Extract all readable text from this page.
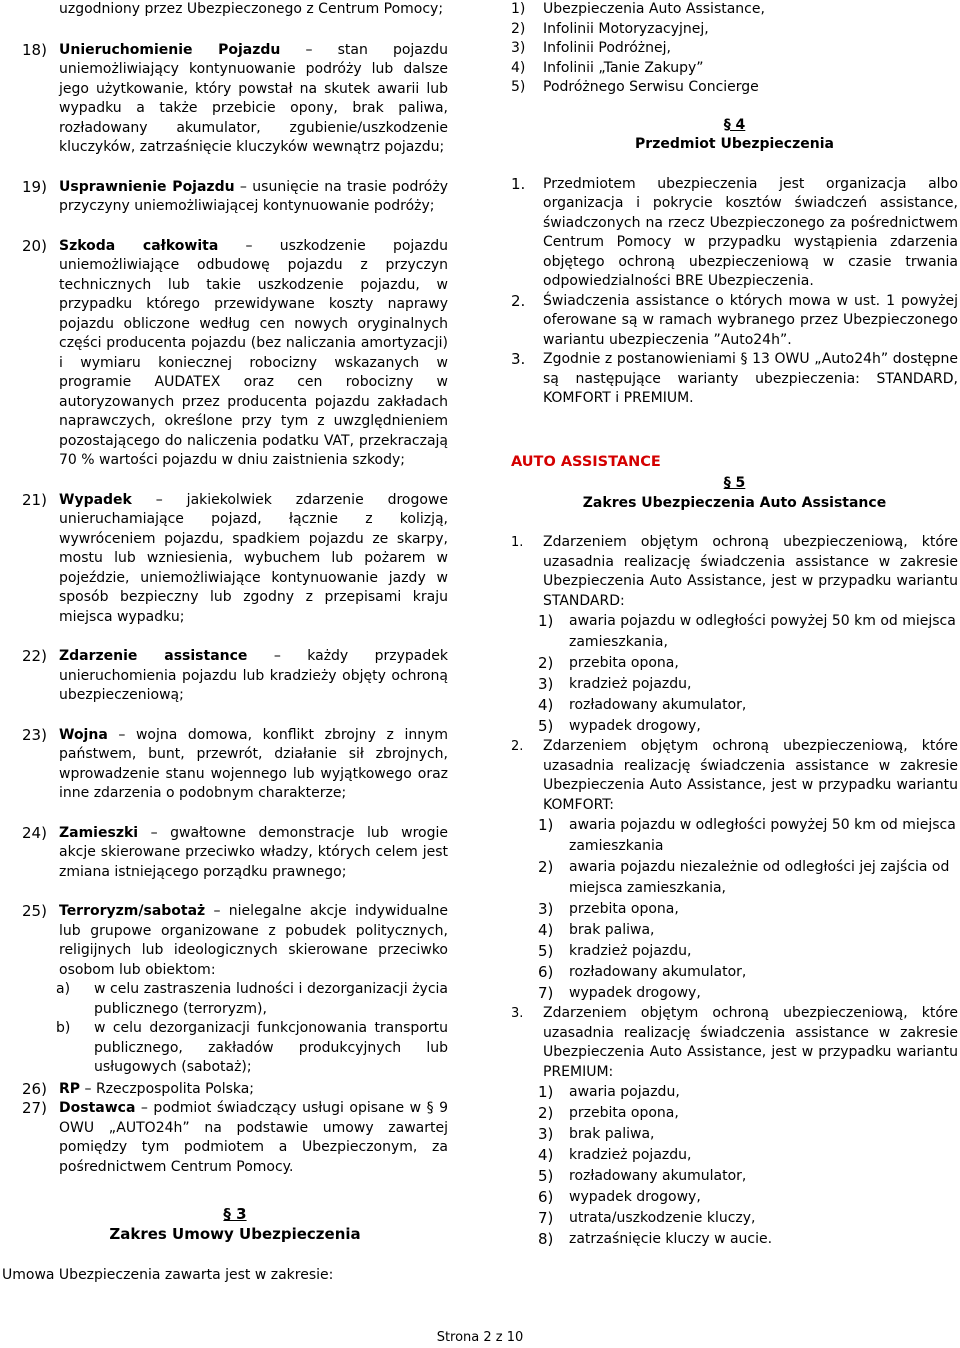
uzgodniony przez Ubezpieczonego z Centrum Pomocy;

18) Unieruchomienie Pojazdu – stan pojazdu uniemożliwiający kontynuowanie podróży lub dalsze jego użytkowanie, który powstał na skutek awarii lub wypadku a także przebicie opony, brak paliwa, rozładowany akumulator, zgubienie/uszkodzenie kluczyków, zatrzaśnięcie kluczyków wewnątrz pojazdu;
19) Usprawnienie Pojazdu – usunięcie na trasie podróży przyczyny uniemożliwiającej kontynuowanie podróży;
20) Szkoda całkowita – uszkodzenie pojazdu uniemożliwiające odbudowę pojazdu z przyczyn technicznych lub takie uszkodzenie pojazdu, w przypadku którego przewidywane koszty naprawy pojazdu obliczone według cen nowych oryginalnych części producenta pojazdu (bez naliczania amortyzacji) i wymiaru koniecznej robocizny wskazanych w programie AUDATEX oraz cen robocizny w autoryzowanych przez producenta pojazdu zakładach naprawczych, określone przy tym z uwzględnieniem pozostającego do naliczenia podatku VAT, przekraczają 70 % wartości pojazdu w dniu zaistnienia szkody;
21) Wypadek – jakiekolwiek zdarzenie drogowe unieruchamiające pojazd, łącznie z kolizją, wywróceniem pojazdu, spadkiem pojazdu ze skarpy, mostu lub wzniesienia, wybuchem lub pożarem w pojeździe, uniemożliwiające kontynuowanie jazdy w sposób bezpieczny lub zgodny z przepisami kraju miejsca wypadku;
22) Zdarzenie assistance – każdy przypadek unieruchomienia pojazdu lub kradzieży objęty ochroną ubezpieczeniową;
23) Wojna – wojna domowa, konflikt zbrojny z innym państwem, bunt, przewrót, działanie sił zbrojnych, wprowadzenie stanu wojennego lub wyjątkowego oraz inne zdarzenia o podobnym charakterze;
24) Zamieszki – gwałtowne demonstracje lub wrogie akcje skierowane przeciwko władzy, których celem jest zmiana istniejącego porządku prawnego;
25) Terroryzm/sabotaż – nielegalne akcje indywidualne lub grupowe organizowane z pobudek politycznych, religijnych lub ideologicznych skierowane przeciwko osobom lub obiektom:
a)	w celu zastraszenia ludności i dezorganizacji życia publicznego (terroryzm),
b)	w celu dezorganizacji funkcjonowania transportu publicznego, zakładów produkcyjnych lub usługowych (sabotaż);
26) RP – Rzeczpospolita Polska;
27) Dostawca – podmiot świadczący usługi opisane w § 9 OWU „AUTO24h” na podstawie umowy zawartej pomiędzy tym podmiotem a Ubezpieczonym, za pośrednictwem Centrum Pomocy.
§ 3
Zakres Umowy Ubezpieczenia

Umowa Ubezpieczenia zawarta jest w zakresie:

1)	Ubezpieczenia Auto Assistance,
2)	Infolinii Motoryzacyjnej,
3)	Infolinii Podróżnej,
4)	Infolinii „Tanie Zakupy”
5)	Podróżnego Serwisu Concierge
§ 4
Przedmiot Ubezpieczenia
1.	Przedmiotem ubezpieczenia jest organizacja albo organizacja i pokrycie kosztów świadczeń assistance, świadczonych na rzecz Ubezpieczonego za pośrednictwem Centrum Pomocy w przypadku wystąpienia zdarzenia objętego ochroną ubezpieczeniową w czasie trwania odpowiedzialności BRE Ubezpieczenia.
2.	Świadczenia assistance o których mowa w ust. 1 powyżej oferowane są w ramach wybranego przez Ubezpieczonego wariantu ubezpieczenia ”Auto24h”.
3.	Zgodnie z postanowieniami § 13 OWU „Auto24h” dostępne są następujące warianty ubezpieczenia: STANDARD, KOMFORT i PREMIUM.
AUTO ASSISTANCE
§ 5
Zakres Ubezpieczenia Auto Assistance
1.	Zdarzeniem objętym ochroną ubezpieczeniową, które uzasadnia realizację świadczenia assistance w zakresie Ubezpieczenia Auto Assistance, jest w przypadku wariantu STANDARD:
1)	awaria pojazdu w odległości powyżej 50 km od miejsca zamieszkania,
2)	przebita opona,
3)	kradzież pojazdu,
4)	rozładowany akumulator,
5)	wypadek drogowy,
2.	Zdarzeniem objętym ochroną ubezpieczeniową, które uzasadnia realizację świadczenia assistance w zakresie Ubezpieczenia Auto Assistance, jest w przypadku wariantu KOMFORT:
1)	awaria pojazdu w odległości powyżej 50 km od miejsca zamieszkania
2)	awaria pojazdu niezależnie od odległości jej zajścia od miejsca zamieszkania,
3)	przebita opona,
4)	brak paliwa,
5)	kradzież pojazdu,
6)	rozładowany akumulator,
7)	wypadek drogowy,
3.	Zdarzeniem objętym ochroną ubezpieczeniową, które uzasadnia realizację świadczenia assistance w zakresie Ubezpieczenia Auto Assistance, jest w przypadku wariantu PREMIUM:
1)	awaria pojazdu,
2)	przebita opona,
3)	brak paliwa,
4)	kradzież pojazdu,
5)	rozładowany akumulator,
6)	wypadek drogowy,
7)	utrata/uszkodzenie kluczy,
8)	zatrzaśnięcie kluczy w aucie.
Strona 2 z 10
